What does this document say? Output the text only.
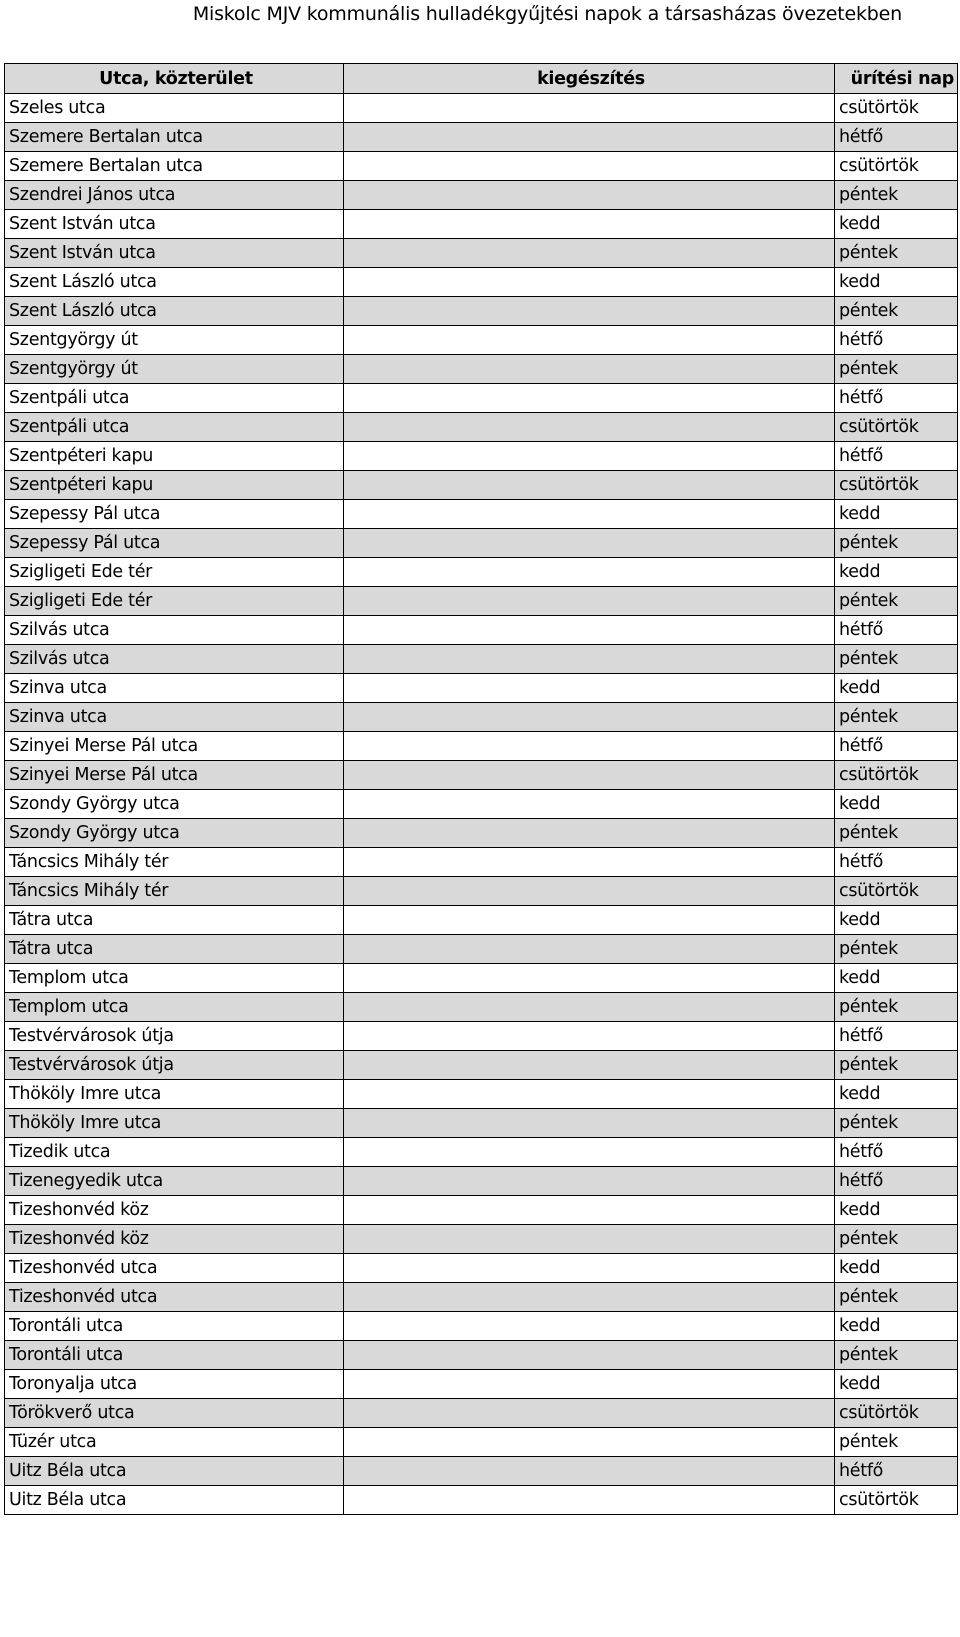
Miskolc MJV kommunális hulladékgyűjtési napok a társasházas övezetekben
Utca, közterület	kiegészítés	ürítési nap
Szeles utca		csütörtök
Szemere Bertalan utca		hétfő
Szemere Bertalan utca		csütörtök
Szendrei János utca		péntek
Szent István utca		kedd
Szent István utca		péntek
Szent László utca		kedd
Szent László utca		péntek
Szentgyörgy út		hétfő
Szentgyörgy út		péntek
Szentpáli utca		hétfő
Szentpáli utca		csütörtök
Szentpéteri kapu		hétfő
Szentpéteri kapu		csütörtök
Szepessy Pál utca		kedd
Szepessy Pál utca		péntek
Szigligeti Ede tér		kedd
Szigligeti Ede tér		péntek
Szilvás utca		hétfő
Szilvás utca		péntek
Szinva utca		kedd
Szinva utca		péntek
Szinyei Merse Pál utca		hétfő
Szinyei Merse Pál utca		csütörtök
Szondy György utca		kedd
Szondy György utca		péntek
Táncsics Mihály tér		hétfő
Táncsics Mihály tér		csütörtök
Tátra utca		kedd
Tátra utca		péntek
Templom utca		kedd
Templom utca		péntek
Testvérvárosok útja		hétfő
Testvérvárosok útja		péntek
Thököly Imre utca		kedd
Thököly Imre utca		péntek
Tizedik utca		hétfő
Tizenegyedik utca		hétfő
Tizeshonvéd köz		kedd
Tizeshonvéd köz		péntek
Tizeshonvéd utca		kedd
Tizeshonvéd utca		péntek
Torontáli utca		kedd
Torontáli utca		péntek
Toronyalja utca		kedd
Törökverő utca		csütörtök
Tüzér utca		péntek
Uitz Béla utca		hétfő
Uitz Béla utca		csütörtök
